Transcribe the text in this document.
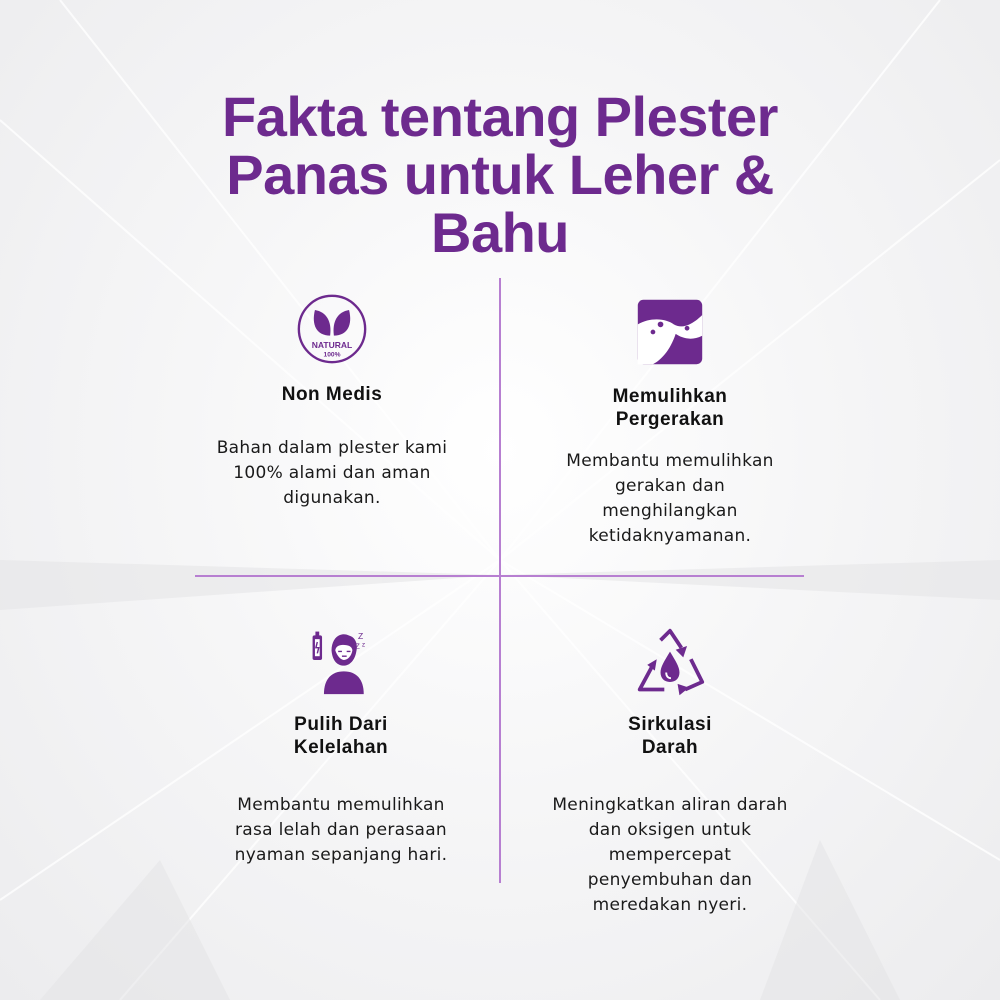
Fakta tentang Plester Panas untuk Leher & Bahu
NATURAL
100%
Non Medis
Bahan dalam plester kami 100% alami dan aman digunakan.
Memulihkan Pergerakan
Membantu memulihkan gerakan dan menghilangkan ketidaknyamanan.
Z
z
Z
Pulih Dari Kelelahan
Membantu memulihkan rasa lelah dan perasaan nyaman sepanjang hari.
Sirkulasi Darah
Meningkatkan aliran darah dan oksigen untuk mempercepat penyembuhan dan meredakan nyeri.
